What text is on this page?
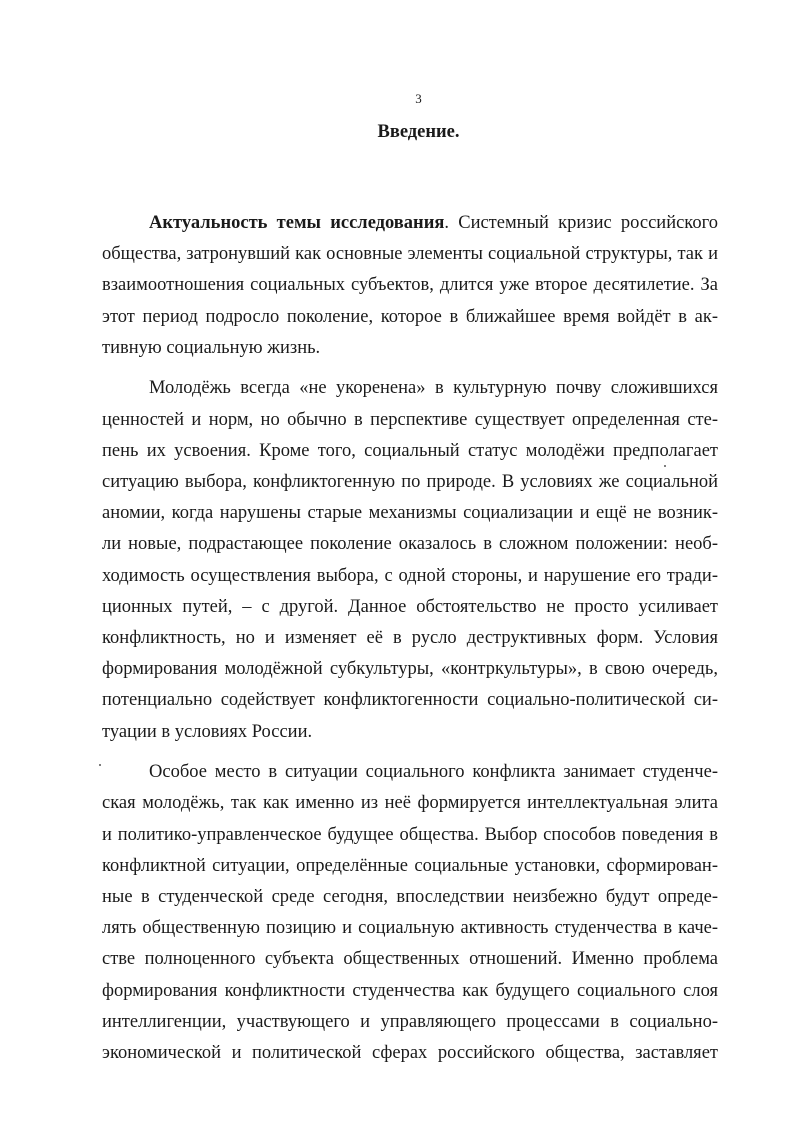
3
Введение.
Актуальность темы исследования. Системный кризис российского
общества, затронувший как основные элементы социальной структуры, так и
взаимоотношения социальных субъектов, длится уже второе десятилетие. За
этот период подросло поколение, которое в ближайшее время войдёт в ак-
тивную социальную жизнь.
Молодёжь всегда «не укоренена» в культурную почву сложившихся
ценностей и норм, но обычно в перспективе существует определенная сте-
пень их усвоения. Кроме того, социальный статус молодёжи предполагает
ситуацию выбора, конфликтогенную по природе. В условиях же социальной
аномии, когда нарушены старые механизмы социализации и ещё не возник-
ли новые, подрастающее поколение оказалось в сложном положении: необ-
ходимость осуществления выбора, с одной стороны, и нарушение его тради-
ционных путей, – с другой. Данное обстоятельство не просто усиливает
конфликтность, но и изменяет её в русло деструктивных форм. Условия
формирования молодёжной субкультуры, «контркультуры», в свою очередь,
потенциально содействует конфликтогенности социально-политической си-
туации в условиях России.
Особое место в ситуации социального конфликта занимает студенче-
ская молодёжь, так как именно из неё формируется интеллектуальная элита
и политико-управленческое будущее общества. Выбор способов поведения в
конфликтной ситуации, определённые социальные установки, сформирован-
ные в студенческой среде сегодня, впоследствии неизбежно будут опреде-
лять общественную позицию и социальную активность студенчества в каче-
стве полноценного субъекта общественных отношений. Именно проблема
формирования конфликтности студенчества как будущего социального слоя
интеллигенции, участвующего и управляющего процессами в социально-
экономической и политической сферах российского общества, заставляет
